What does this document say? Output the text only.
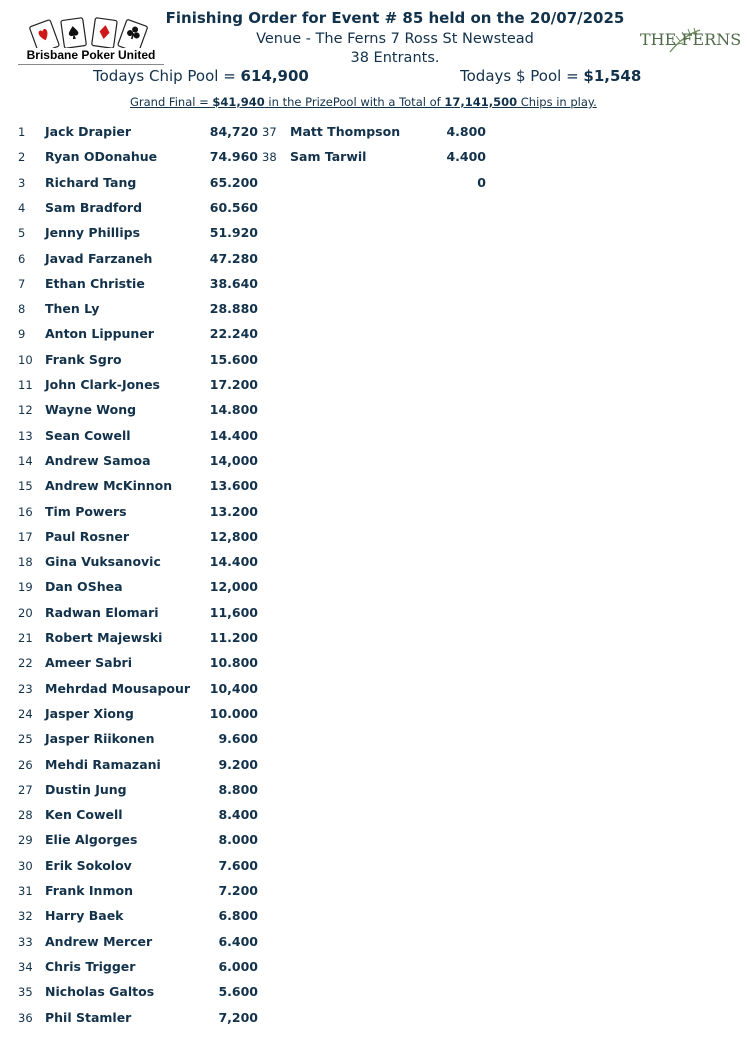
Brisbane Poker United
THE FERNS
Finishing Order for Event # 85 held on the 20/07/2025
Venue - The Ferns 7 Ross St Newstead
38 Entrants.
Todays Chip Pool = 614,900	Todays $ Pool = $1,548
Grand Final = $41,940 in the PrizePool with a Total of 17,141,500 Chips in play.
1 Jack Drapier	84,720
2 Ryan ODonahue	74.960
3 Richard Tang	65.200
4 Sam Bradford	60.560
5 Jenny Phillips	51.920
6 Javad Farzaneh	47.280
7 Ethan Christie	38.640
8 Then Ly	28.880
9 Anton Lippuner	22.240
10 Frank Sgro	15.600
11 John Clark-Jones	17.200
12 Wayne Wong	14.800
13 Sean Cowell	14.400
14 Andrew Samoa	14,000
15 Andrew McKinnon	13.600
16 Tim Powers	13.200
17 Paul Rosner	12,800
18 Gina Vuksanovic	14.400
19 Dan OShea	12,000
20 Radwan Elomari	11,600
21 Robert Majewski	11.200
22 Ameer Sabri	10.800
23 Mehrdad Mousapour	10,400
24 Jasper Xiong	10.000
25 Jasper Riikonen	9.600
26 Mehdi Ramazani	9.200
27 Dustin Jung	8.800
28 Ken Cowell	8.400
29 Elie Algorges	8.000
30 Erik Sokolov	7.600
31 Frank Inmon	7.200
32 Harry Baek	6.800
33 Andrew Mercer	6.400
34 Chris Trigger	6.000
35 Nicholas Galtos	5.600
36 Phil Stamler	7,200
37 Matt Thompson	4.800
38 Sam Tarwil	4.400
0
